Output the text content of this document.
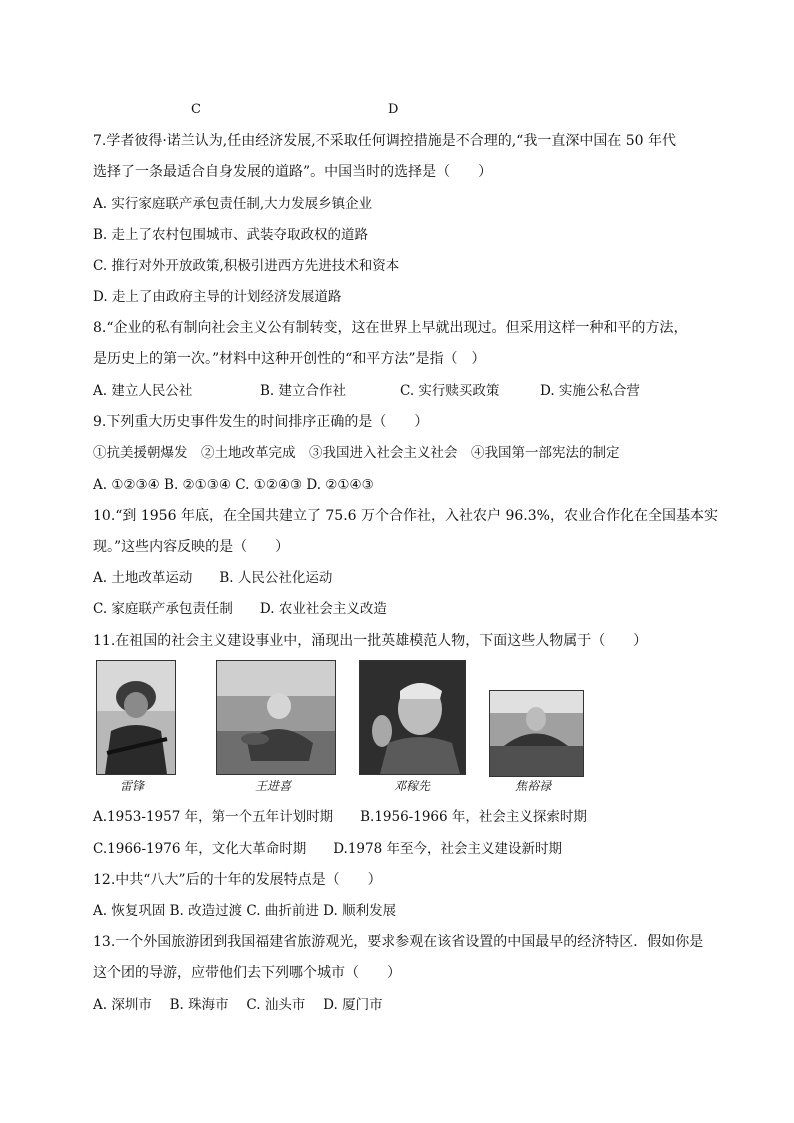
C	D
7.学者彼得·诺兰认为,任由经济发展,不采取任何调控措施是不合理的,“我一直深中国在 50 年代
选择了一条最适合自身发展的道路”。中国当时的选择是（　　）
A. 实行家庭联产承包责任制,大力发展乡镇企业
B. 走上了农村包围城市、武装夺取政权的道路
C. 推行对外开放政策,积极引进西方先进技术和资本
D. 走上了由政府主导的计划经济发展道路
8.“企业的私有制向社会主义公有制转变，这在世界上早就出现过。但采用这样一种和平的方法，
是历史上的第一次。”材料中这种开创性的“和平方法”是指（　）
A. 建立人民公社	B. 建立合作社	C. 实行赎买政策	D. 实施公私合营
9.下列重大历史事件发生的时间排序正确的是（　　）
①抗美援朝爆发　②土地改革完成　③我国进入社会主义社会　④我国第一部宪法的制定
A. ①②③④ B. ②①③④ C. ①②④③ D. ②①④③
10.“到 1956 年底，在全国共建立了 75.6 万个合作社，入社农户 96.3%，农业合作化在全国基本实
现。”这些内容反映的是（　　）
A. 土地改革运动　　B. 人民公社化运动
C. 家庭联产承包责任制　　D. 农业社会主义改造
11.在祖国的社会主义建设事业中，涌现出一批英雄模范人物，下面这些人物属于（　　）
雷锋	王进喜	邓稼先	焦裕禄
A.1953-1957 年，第一个五年计划时期　　B.1956-1966 年，社会主义探索时期
C.1966-1976 年，文化大革命时期　　D.1978 年至今，社会主义建设新时期
12.中共“八大”后的十年的发展特点是（　　）
A. 恢复巩固 B. 改造过渡 C. 曲折前进 D. 顺利发展
13.一个外国旅游团到我国福建省旅游观光，要求参观在该省设置的中国最早的经济特区．假如你是
这个团的导游，应带他们去下列哪个城市（　　）
A. 深圳市　 B. 珠海市　 C. 汕头市　 D. 厦门市
